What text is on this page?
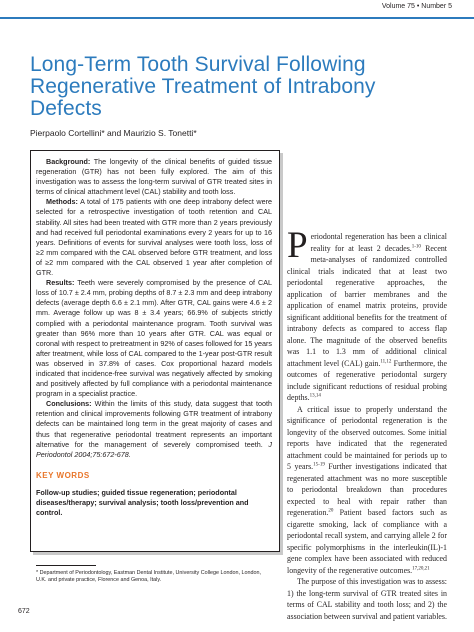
Volume 75 • Number 5
Long-Term Tooth Survival Following Regenerative Treatment of Intrabony Defects
Pierpaolo Cortellini* and Maurizio S. Tonetti*

Background: The longevity of the clinical benefits of guided tissue regeneration (GTR) has not been fully explored. The aim of this investigation was to assess the long-term survival of GTR treated sites in terms of clinical attachment level (CAL) stability and tooth loss.

Methods: A total of 175 patients with one deep intrabony defect were selected for a retrospective investigation of tooth retention and CAL stability. All sites had been treated with GTR more than 2 years previously and had received full periodontal examinations every 2 years for up to 16 years. Definitions of events for survival analyses were tooth loss, loss of ≥2 mm compared with the CAL observed before GTR treatment, and loss of ≥2 mm compared with the CAL observed 1 year after completion of GTR.

Results: Teeth were severely compromised by the presence of CAL loss of 10.7 ± 2.4 mm, probing depths of 8.7 ± 2.3 mm and deep intrabony defects (average depth 6.6 ± 2.1 mm). After GTR, CAL gains were 4.6 ± 2 mm. Average follow up was 8 ± 3.4 years; 66.9% of subjects strictly complied with a periodontal maintenance program. Tooth survival was greater than 96% more than 10 years after GTR. CAL was equal or coronal with respect to pretreatment in 92% of cases followed for 15 years after treatment, while loss of CAL compared to the 1-year post-GTR result was observed in 37.8% of cases. Cox proportional hazard models indicated that incidence-free survival was negatively affected by smoking and positively affected by full compliance with a periodontal maintenance program in a specialist practice.

Conclusions: Within the limits of this study, data suggest that tooth retention and clinical improvements following GTR treatment of intrabony defects can be maintained long term in the great majority of cases and thus that regenerative periodontal treatment represents an important alternative for the management of severely compromised teeth. J Periodontol 2004;75:672-678.

KEY WORDS
Follow-up studies; guided tissue regeneration; periodontal diseases/therapy; survival analysis; tooth loss/prevention and control.
* Department of Periodontology, Eastman Dental Institute, University College London, London, U.K. and private practice, Florence and Genoa, Italy.
672

Periodontal regeneration has been a clinical reality for at least 2 decades.$^{1-10}$ Recent meta-analyses of randomized controlled clinical trials indicated that at least two periodontal regenerative approaches, the application of barrier membranes and the application of enamel matrix proteins, provide significant additional benefits for the treatment of intrabony defects as compared to access flap alone. The magnitude of the observed benefits was 1.1 to 1.3 mm of additional clinical attachment level (CAL) gain.$^{11,12}$ Furthermore, the outcomes of regenerative periodontal surgery include significant reductions of residual probing depths.$^{13,14}$

A critical issue to properly understand the significance of periodontal regeneration is the longevity of the observed outcomes. Some initial reports have indicated that the regenerated attachment could be maintained for periods up to 5 years.$^{15-19}$ Further investigations indicated that regenerated attachment was no more susceptible to periodontal breakdown than procedures expected to heal with repair rather than regeneration.$^{20}$ Patient based factors such as cigarette smoking, lack of compliance with a periodontal recall system, and carrying allele 2 for specific polymorphisms in the interleukin(IL)-1 gene complex have been associated with reduced longevity of the regenerative outcomes.$^{17,20,21}$

The purpose of this investigation was to assess: 1) the long-term survival of GTR treated sites in terms of CAL stability and tooth loss; and 2) the association between survival and patient variables.
